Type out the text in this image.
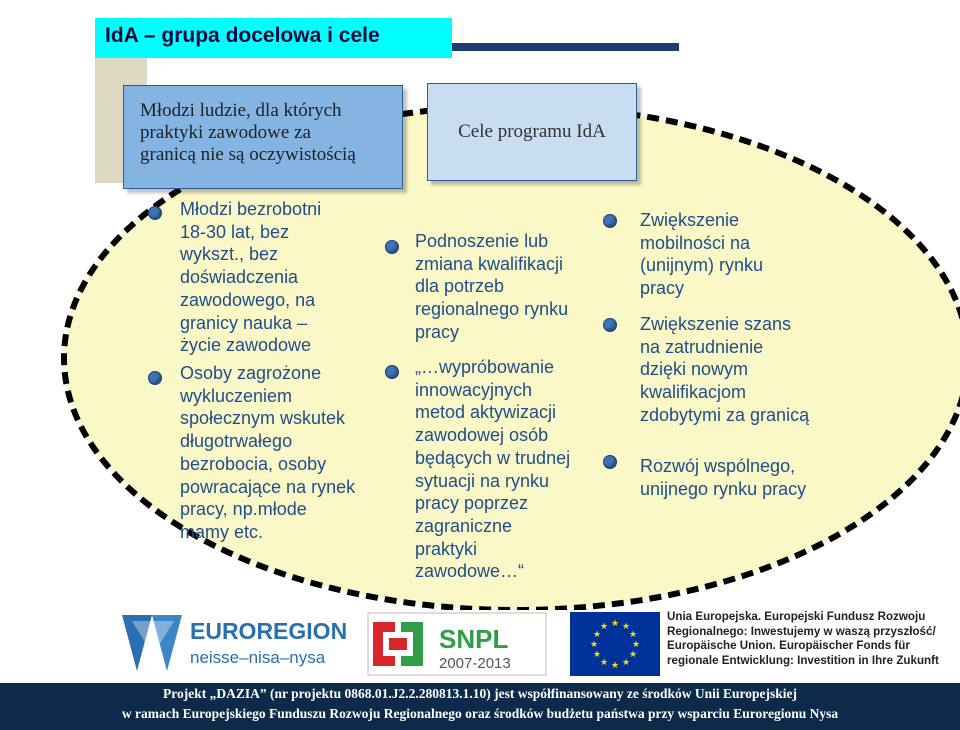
IdA – grupa docelowa i cele
Młodzi ludzie, dla których
praktyki zawodowe za
granicą nie są oczywistością
Cele programu IdA
Młodzi bezrobotni
18-30 lat, bez
wykszt., bez
doświadczenia
zawodowego, na
granicy nauka –
życie zawodowe
Osoby zagrożone
wykluczeniem
społecznym wskutek
długotrwałego
bezrobocia, osoby
powracające na rynek
pracy, np.młode
mamy etc.
Podnoszenie lub
zmiana kwalifikacji
dla potrzeb
regionalnego rynku
pracy
„…wypróbowanie
innowacyjnych
metod aktywizacji
zawodowej osób
będących w trudnej
sytuacji na rynku
pracy poprzez
zagraniczne
praktyki
zawodowe…“
Zwiększenie
mobilności na
(unijnym) rynku
pracy
Zwiększenie szans
na zatrudnienie
dzięki nowym
kwalifikacjom
zdobytymi za granicą
Rozwój wspólnego,
unijnego rynku pracy
EUROREGION
neisse–nisa–nysa
SNPL
2007-2013
★ ★
★
★
★
★
★
★
★
★
★
★
Unia Europejska. Europejski Fundusz Rozwoju
Regionalnego: Inwestujemy w waszą przyszłość/
Europäische Union. Europäischer Fonds für
regionale Entwicklung: Investition in Ihre Zukunft
Projekt „DAZIA” (nr projektu 0868.01.J2.2.280813.1.10) jest współfinansowany ze środków Unii Europejskiej
w ramach Europejskiego Funduszu Rozwoju Regionalnego oraz środków budżetu państwa przy wsparciu Euroregionu Nysa
